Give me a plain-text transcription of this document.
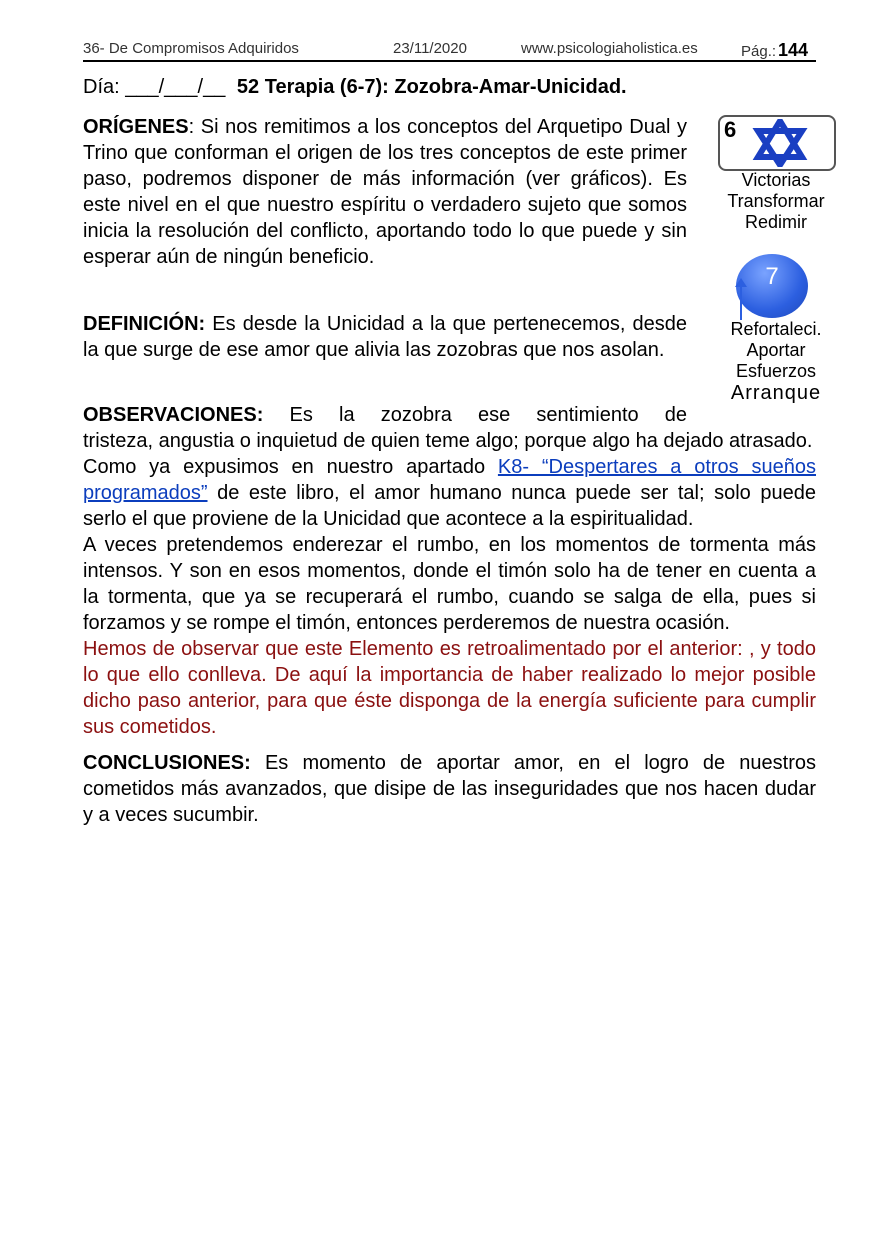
36- De Compromisos Adquiridos	23/11/2020	www.psicologiaholistica.es	Pág.: 144
Día: ___/___/__ 52 Terapia (6-7): Zozobra-Amar-Unicidad.
ORÍGENES: Si nos remitimos a los conceptos del Arquetipo Dual y Trino que conforman el origen de los tres conceptos de este primer paso, podremos disponer de más información (ver gráficos). Es este nivel en el que nuestro espíritu o verdadero sujeto que somos inicia la resolución del conflicto, aportando todo lo que puede y sin esperar aún de ningún beneficio.
DEFINICIÓN: Es desde la Unicidad a la que pertenecemos, desde la que surge de ese amor que alivia las zozobras que nos asolan.
OBSERVACIONES: Es la zozobra ese sentimiento de
tristeza, angustia o inquietud de quien teme algo; porque algo ha dejado atrasado.
Como ya expusimos en nuestro apartado K8- “Despertares a otros sueños programados” de este libro, el amor humano nunca puede ser tal; solo puede serlo el que proviene de la Unicidad que acontece a la espiritualidad.
A veces pretendemos enderezar el rumbo, en los momentos de tormenta más intensos. Y son en esos momentos, donde el timón solo ha de tener en cuenta a la tormenta, que ya se recuperará el rumbo, cuando se salga de ella, pues si forzamos y se rompe el timón, entonces perderemos de nuestra ocasión.
Hemos de observar que este Elemento es retroalimentado por el anterior: , y todo lo que ello conlleva. De aquí la importancia de haber realizado lo mejor posible dicho paso anterior, para que éste disponga de la energía suficiente para cumplir sus cometidos.
CONCLUSIONES: Es momento de aportar amor, en el logro de nuestros cometidos más avanzados, que disipe de las inseguridades que nos hacen dudar y a veces sucumbir.
6
Victorias
Transformar
Redimir
7
Refortaleci.
Aportar
Esfuerzos
Arranque
